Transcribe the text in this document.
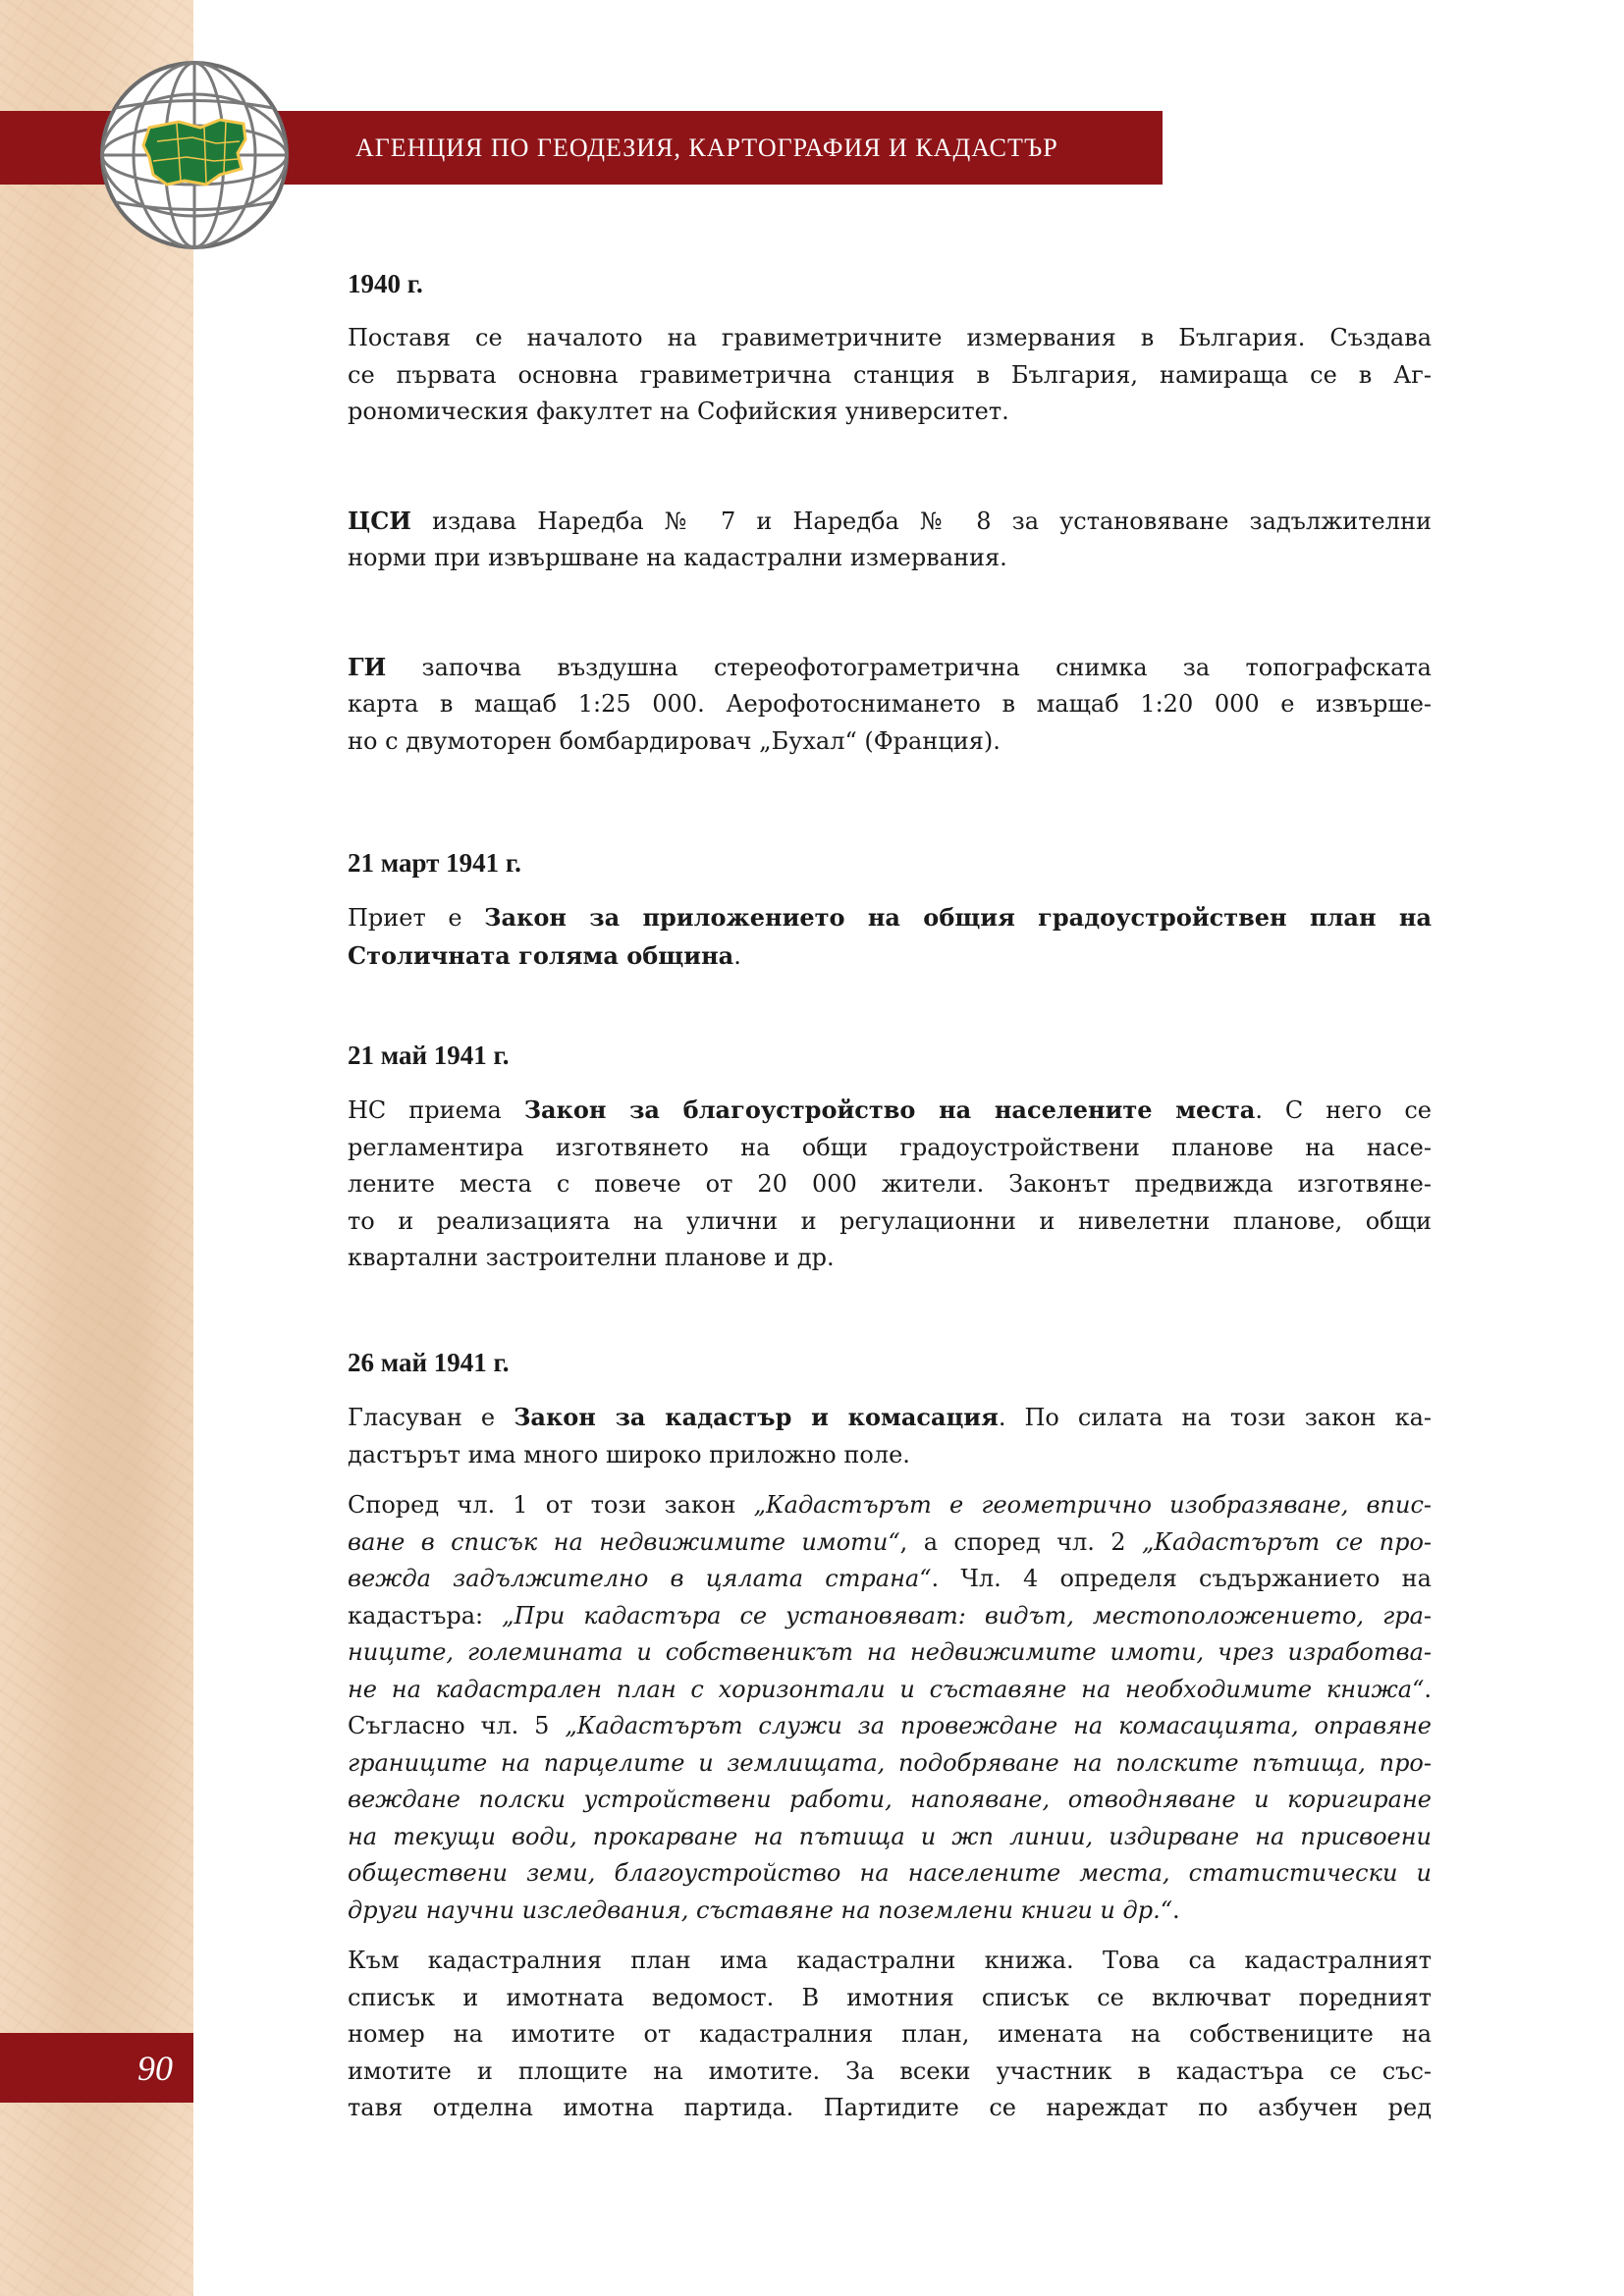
АГЕНЦИЯ ПО ГЕОДЕЗИЯ, КАРТОГРАФИЯ И КАДАСТЪР
90

1940 г.

Поставя се началото на гравиметричните измервания в България. Създава

се първата основна гравиметрична станция в България, намираща се в Аг-

рономическия факултет на Софийския университет.

ЦСИ издава Наредба № 7 и Наредба № 8 за установяване задължителни

норми при извършване на кадастрални измервания.

ГИ започва въздушна стереофотограметрична снимка за топографската

карта в мащаб 1:25 000. Аерофотоснимането в мащаб 1:20 000 е извърше-

но с двумоторен бомбардировач „Бухал“ (Франция).

21 март 1941 г.

Приет е Закон за приложението на общия градоустройствен план на

Столичната голяма община.

21 май 1941 г.

НС приема Закон за благоустройство на населените места. С него се

регламентира изготвянето на общи градоустройствени планове на насе-

лените места с повече от 20 000 жители. Законът предвижда изготвяне-

то и реализацията на улични и регулационни и нивелетни планове, общи

квартални застроителни планове и др.

26 май 1941 г.

Гласуван е Закон за кадастър и комасация. По силата на този закон ка-

дастърът има много широко приложно поле.

Според чл. 1 от този закон „Кадастърът е геометрично изобразяване, впис-

ване в списък на недвижимите имоти“, а според чл. 2 „Кадастърът се про-

вежда задължително в цялата страна“. Чл. 4 определя съдържанието на

кадастъра: „При кадастъра се установяват: видът, местоположението, гра-

ниците, големината и собственикът на недвижимите имоти, чрез изработва-

не на кадастрален план с хоризонтали и съставяне на необходимите книжа“.

Съгласно чл. 5 „Кадастърът служи за провеждане на комасацията, оправяне

границите на парцелите и землищата, подобряване на полските пътища, про-

веждане полски устройствени работи, напояване, отводняване и коригиране

на текущи води, прокарване на пътища и жп линии, издирване на присвоени

обществени земи, благоустройство на населените места, статистически и

други научни изследвания, съставяне на поземлени книги и др.“.

Към кадастралния план има кадастрални книжа. Това са кадастралният

списък и имотната ведомост. В имотния списък се включват поредният

номер на имотите от кадастралния план, имената на собствениците на

имотите и площите на имотите. За всеки участник в кадастъра се със-

тавя отделна имотна партида. Партидите се нареждат по азбучен ред
